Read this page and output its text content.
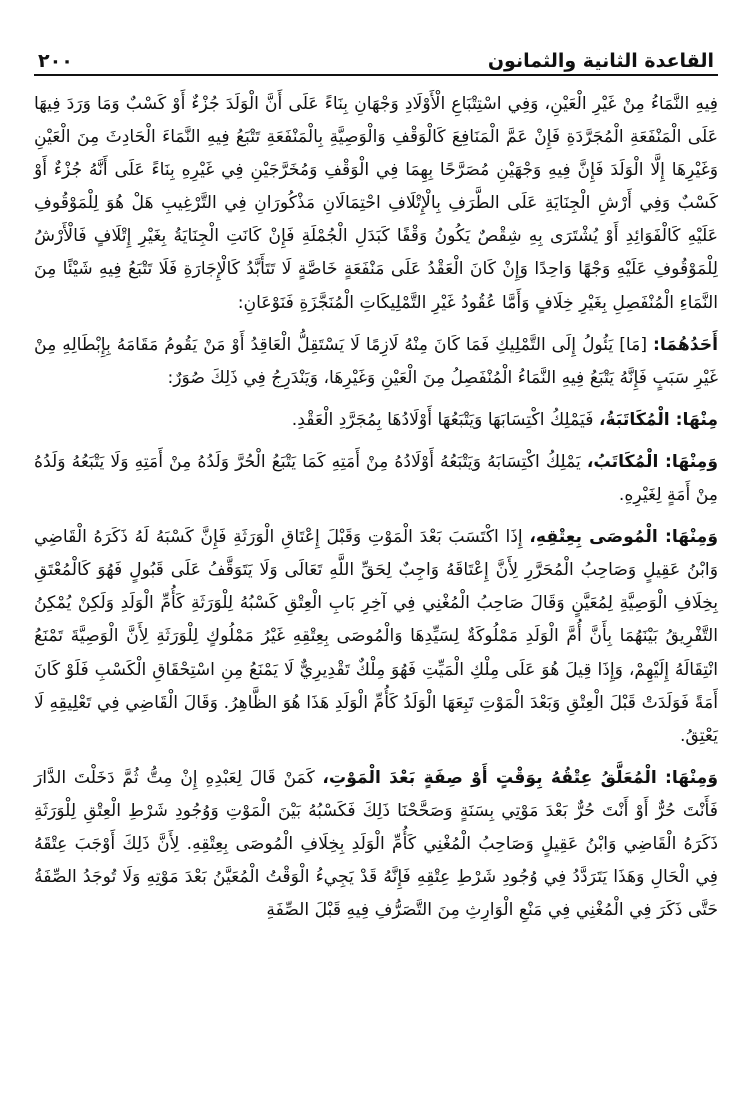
القاعدة الثانية والثمانون
٢٠٠

فِيهِ النَّمَاءُ مِنْ غَيْرِ الْعَيْنِ، وَفِي اسْتِتْبَاعِ الْأَوْلَادِ وَجْهَانِ بِنَاءً عَلَى أَنَّ الْوَلَدَ جُزْءٌ أَوْ كَسْبٌ وَمَا وَرَدَ فِيهَا عَلَى الْمَنْفَعَةِ الْمُجَرَّدَةِ فَإِنْ عَمَّ الْمَنَافِعَ كَالْوَقْفِ وَالْوَصِيَّةِ بِالْمَنْفَعَةِ تَتْبَعُ فِيهِ النَّمَاءَ الْحَادِثَ مِنَ الْعَيْنِ وَغَيْرِهَا إِلَّا الْوَلَدَ فَإِنَّ فِيهِ وَجْهَيْنِ مُصَرَّحًا بِهِمَا فِي الْوَقْفِ وَمُخَرَّجَيْنِ فِي غَيْرِهِ بِنَاءً عَلَى أَنَّهُ جُزْءٌ أَوْ كَسْبٌ وَفِي أَرْشِ الْجِنَايَةِ عَلَى الطَّرَفِ بِالْإِتْلَافِ احْتِمَالَانِ مَذْكُورَانِ فِي التَّرْغِيبِ هَلْ هُوَ لِلْمَوْقُوفِ عَلَيْهِ كَالْفَوَائِدِ أَوْ يُشْتَرَى بِهِ شِقْصٌ يَكُونُ وَقْفًا كَبَدَلِ الْجُمْلَةِ فَإِنْ كَانَتِ الْجِنَايَةُ بِغَيْرِ إِتْلَافٍ فَالْأَرْشُ لِلْمَوْقُوفِ عَلَيْهِ وَجْهًا وَاحِدًا وَإِنْ كَانَ الْعَقْدُ عَلَى مَنْفَعَةٍ خَاصَّةٍ لَا تَتَأَبَّدُ كَالْإِجَارَةِ فَلَا تَتْبَعُ فِيهِ شَيْئًا مِنَ النَّمَاءِ الْمُنْفَصِلِ بِغَيْرِ خِلَافٍ وَأَمَّا عُقُودُ غَيْرِ التَّمْلِيكَاتِ الْمُنَجَّزَةِ فَنَوْعَانِ:

أَحَدُهُمَا: [مَا] يَئُولُ إِلَى التَّمْلِيكِ فَمَا كَانَ مِنْهُ لَازِمًا لَا يَسْتَقِلُّ الْعَاقِدُ أَوْ مَنْ يَقُومُ مَقَامَهُ بِإِبْطَالِهِ مِنْ غَيْرِ سَبَبٍ فَإِنَّهُ يَتْبَعُ فِيهِ النَّمَاءُ الْمُنْفَصِلُ مِنَ الْعَيْنِ وَغَيْرِهَا، وَيَنْدَرِجُ فِي ذَلِكَ صُوَرٌ:

مِنْهَا: الْمُكَاتَبَةُ، فَيَمْلِكُ اكْتِسَابَهَا وَيَتْبَعُهَا أَوْلَادُهَا بِمُجَرَّدِ الْعَقْدِ.

وَمِنْهَا: الْمُكَاتَبُ، يَمْلِكُ اكْتِسَابَهُ وَيَتْبَعُهُ أَوْلَادُهُ مِنْ أَمَتِهِ كَمَا يَتْبَعُ الْحُرَّ وَلَدُهُ مِنْ أَمَتِهِ وَلَا يَتْبَعُهُ وَلَدُهُ مِنْ أَمَةٍ لِغَيْرِهِ.

وَمِنْهَا: الْمُوصَى بِعِتْقِهِ، إِذَا اكْتَسَبَ بَعْدَ الْمَوْتِ وَقَبْلَ إِعْتَاقِ الْوَرَثَةِ فَإِنَّ كَسْبَهُ لَهُ ذَكَرَهُ الْقَاضِي وَابْنُ عَقِيلٍ وَصَاحِبُ الْمُحَرَّرِ لِأَنَّ إِعْتَاقَهُ وَاجِبٌ لِحَقِّ اللَّهِ تَعَالَى وَلَا يَتَوَقَّفُ عَلَى قَبُولٍ فَهُوَ كَالْمُعْتَقِ بِخِلَافِ الْوَصِيَّةِ لِمُعَيَّنٍ وَقَالَ صَاحِبُ الْمُغْنِي فِي آخِرِ بَابِ الْعِتْقِ كَسْبُهُ لِلْوَرَثَةِ كَأُمِّ الْوَلَدِ وَلَكِنْ يُمْكِنُ التَّفْرِيقُ بَيْنَهُمَا بِأَنَّ أُمَّ الْوَلَدِ مَمْلُوكَةٌ لِسَيِّدِهَا وَالْمُوصَى بِعِتْقِهِ غَيْرُ مَمْلُوكٍ لِلْوَرَثَةِ لِأَنَّ الْوَصِيَّةَ تَمْنَعُ انْتِقَالَهُ إِلَيْهِمْ، وَإِذَا قِيلَ هُوَ عَلَى مِلْكِ الْمَيِّتِ فَهُوَ مِلْكٌ تَقْدِيرِيٌّ لَا يَمْنَعُ مِنِ اسْتِحْقَاقِ الْكَسْبِ فَلَوْ كَانَ أَمَةً فَوَلَدَتْ قَبْلَ الْعِتْقِ وَبَعْدَ الْمَوْتِ تَبِعَهَا الْوَلَدُ كَأُمِّ الْوَلَدِ هَذَا هُوَ الظَّاهِرُ. وَقَالَ الْقَاضِي فِي تَعْلِيقِهِ لَا يَعْتِقُ.

وَمِنْهَا: الْمُعَلَّقُ عِتْقُهُ بِوَقْتٍ أَوْ صِفَةٍ بَعْدَ الْمَوْتِ، كَمَنْ قَالَ لِعَبْدِهِ إِنْ مِتُّ ثُمَّ دَخَلْتَ الدَّارَ فَأَنْتَ حُرٌّ أَوْ أَنْتَ حُرٌّ بَعْدَ مَوْتِي بِسَنَةٍ وَصَحَّحْنَا ذَلِكَ فَكَسْبُهُ بَيْنَ الْمَوْتِ وَوُجُودِ شَرْطِ الْعِتْقِ لِلْوَرَثَةِ ذَكَرَهُ الْقَاضِي وَابْنُ عَقِيلٍ وَصَاحِبُ الْمُغْنِي كَأُمِّ الْوَلَدِ بِخِلَافِ الْمُوصَى بِعِتْقِهِ. لِأَنَّ ذَلِكَ أَوْجَبَ عِتْقَهُ فِي الْحَالِ وَهَذَا يَتَرَدَّدُ فِي وُجُودِ شَرْطِ عِتْقِهِ فَإِنَّهُ قَدْ يَجِيءُ الْوَقْتُ الْمُعَيَّنُ بَعْدَ مَوْتِهِ وَلَا تُوجَدُ الصِّفَةُ حَتَّى ذَكَرَ فِي الْمُغْنِي فِي مَنْعِ الْوَارِثِ مِنَ التَّصَرُّفِ فِيهِ قَبْلَ الصِّفَةِ
